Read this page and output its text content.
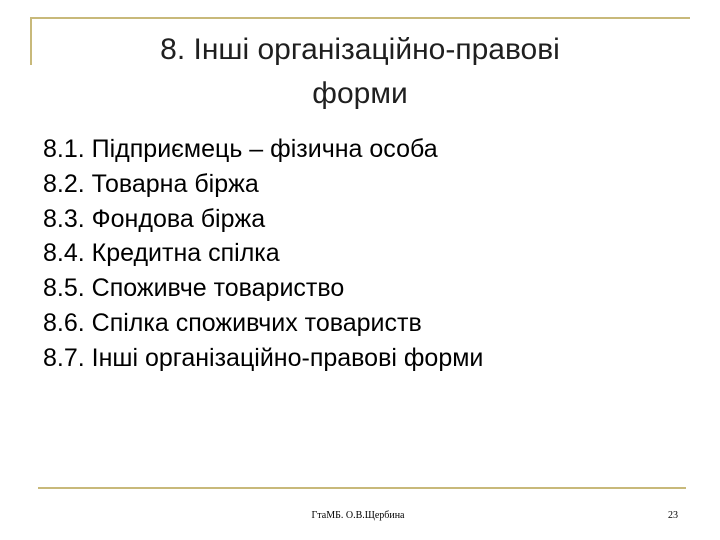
8. Інші організаційно-правові
форми
8.1. Підприємець – фізична особа
8.2. Товарна біржа
8.3. Фондова біржа
8.4. Кредитна спілка
8.5. Споживче товариство
8.6. Спілка споживчих товариств
8.7. Інші організаційно-правові форми
ГтаМБ. О.В.Щербина	23
